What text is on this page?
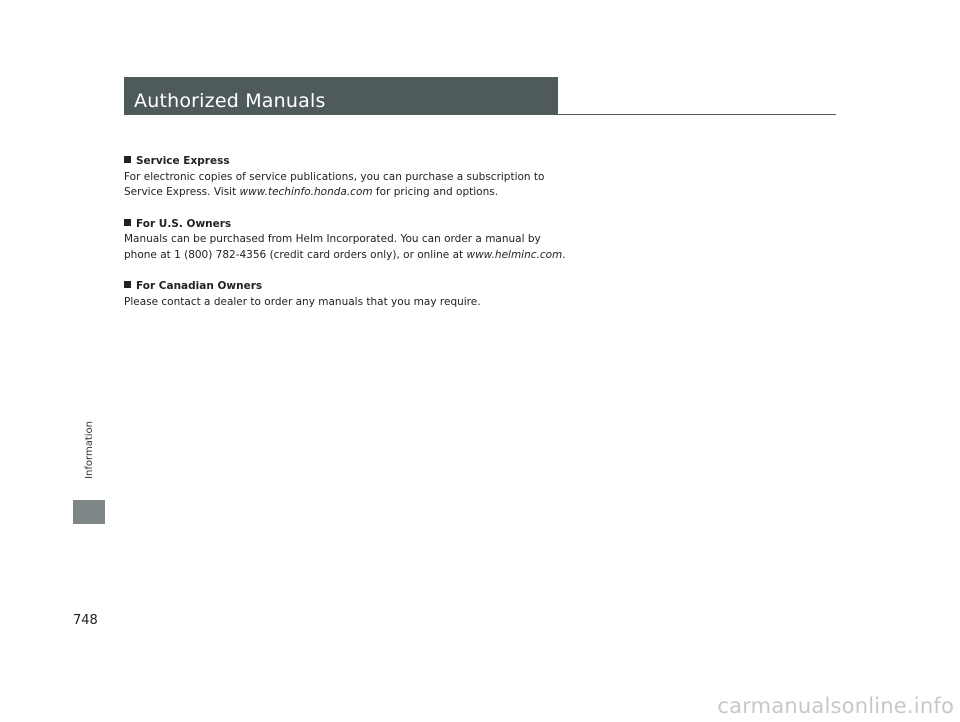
Authorized Manuals
Information
748
Service Express

For electronic copies of service publications, you can purchase a subscription to

Service Express. Visit www.techinfo.honda.com for pricing and options.

For U.S. Owners

Manuals can be purchased from Helm Incorporated. You can order a manual by

phone at 1 (800) 782-4356 (credit card orders only), or online at www.helminc.com.

For Canadian Owners

Please contact a dealer to order any manuals that you may require.

carmanualsonline.info
